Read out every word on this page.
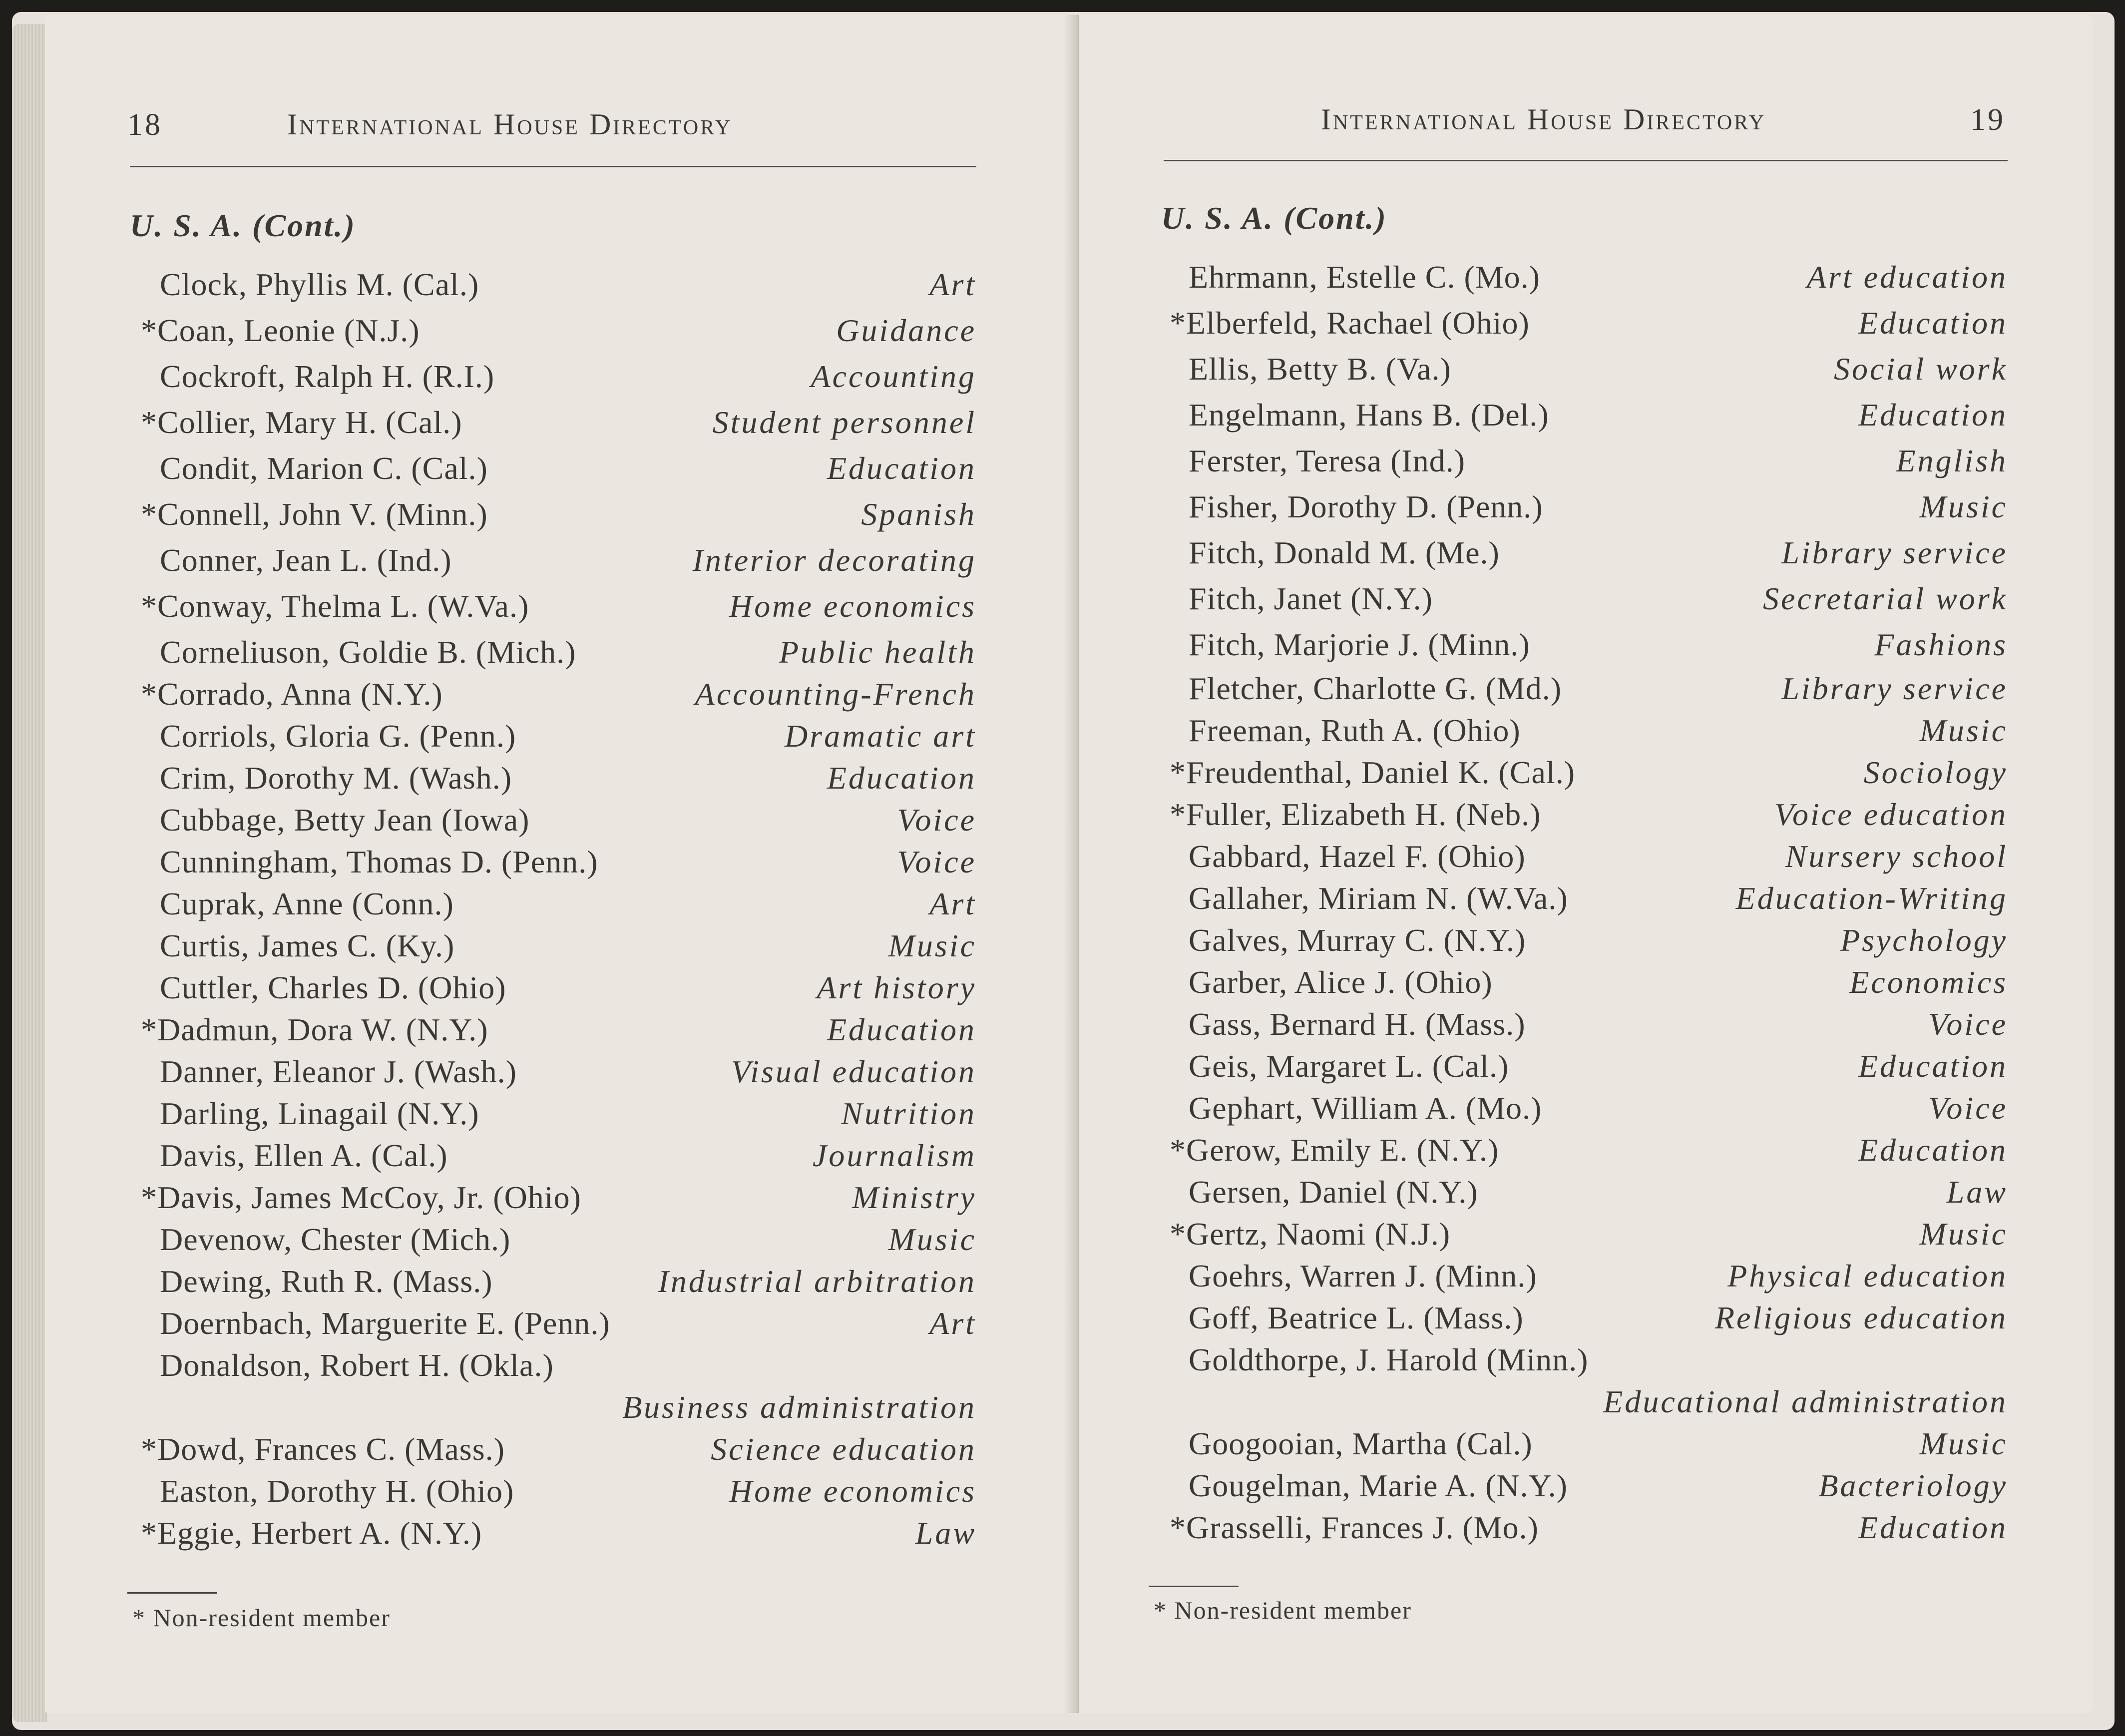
18	International House Directory
U. S. A. (Cont.)
Clock, Phyllis M. (Cal.)	Art
*Coan, Leonie (N.J.)	Guidance
Cockroft, Ralph H. (R.I.)	Accounting
*Collier, Mary H. (Cal.)	Student personnel
Condit, Marion C. (Cal.)	Education
*Connell, John V. (Minn.)	Spanish
Conner, Jean L. (Ind.)	Interior decorating
*Conway, Thelma L. (W.Va.)	Home economics
Corneliuson, Goldie B. (Mich.)	Public health
*Corrado, Anna (N.Y.)	Accounting-French
Corriols, Gloria G. (Penn.)	Dramatic art
Crim, Dorothy M. (Wash.)	Education
Cubbage, Betty Jean (Iowa)	Voice
Cunningham, Thomas D. (Penn.)	Voice
Cuprak, Anne (Conn.)	Art
Curtis, James C. (Ky.)	Music
Cuttler, Charles D. (Ohio)	Art history
*Dadmun, Dora W. (N.Y.)	Education
Danner, Eleanor J. (Wash.)	Visual education
Darling, Linagail (N.Y.)	Nutrition
Davis, Ellen A. (Cal.)	Journalism
*Davis, James McCoy, Jr. (Ohio)	Ministry
Devenow, Chester (Mich.)	Music
Dewing, Ruth R. (Mass.)	Industrial arbitration
Doernbach, Marguerite E. (Penn.)	Art
Donaldson, Robert H. (Okla.)
Business administration
*Dowd, Frances C. (Mass.)	Science education
Easton, Dorothy H. (Ohio)	Home economics
*Eggie, Herbert A. (N.Y.)	Law
* Non-resident member
International House Directory	19
U. S. A. (Cont.)
Ehrmann, Estelle C. (Mo.)	Art education
*Elberfeld, Rachael (Ohio)	Education
Ellis, Betty B. (Va.)	Social work
Engelmann, Hans B. (Del.)	Education
Ferster, Teresa (Ind.)	English
Fisher, Dorothy D. (Penn.)	Music
Fitch, Donald M. (Me.)	Library service
Fitch, Janet (N.Y.)	Secretarial work
Fitch, Marjorie J. (Minn.)	Fashions
Fletcher, Charlotte G. (Md.)	Library service
Freeman, Ruth A. (Ohio)	Music
*Freudenthal, Daniel K. (Cal.)	Sociology
*Fuller, Elizabeth H. (Neb.)	Voice education
Gabbard, Hazel F. (Ohio)	Nursery school
Gallaher, Miriam N. (W.Va.)	Education-Writing
Galves, Murray C. (N.Y.)	Psychology
Garber, Alice J. (Ohio)	Economics
Gass, Bernard H. (Mass.)	Voice
Geis, Margaret L. (Cal.)	Education
Gephart, William A. (Mo.)	Voice
*Gerow, Emily E. (N.Y.)	Education
Gersen, Daniel (N.Y.)	Law
*Gertz, Naomi (N.J.)	Music
Goehrs, Warren J. (Minn.)	Physical education
Goff, Beatrice L. (Mass.)	Religious education
Goldthorpe, J. Harold (Minn.)
Educational administration
Googooian, Martha (Cal.)	Music
Gougelman, Marie A. (N.Y.)	Bacteriology
*Grasselli, Frances J. (Mo.)	Education
* Non-resident member
